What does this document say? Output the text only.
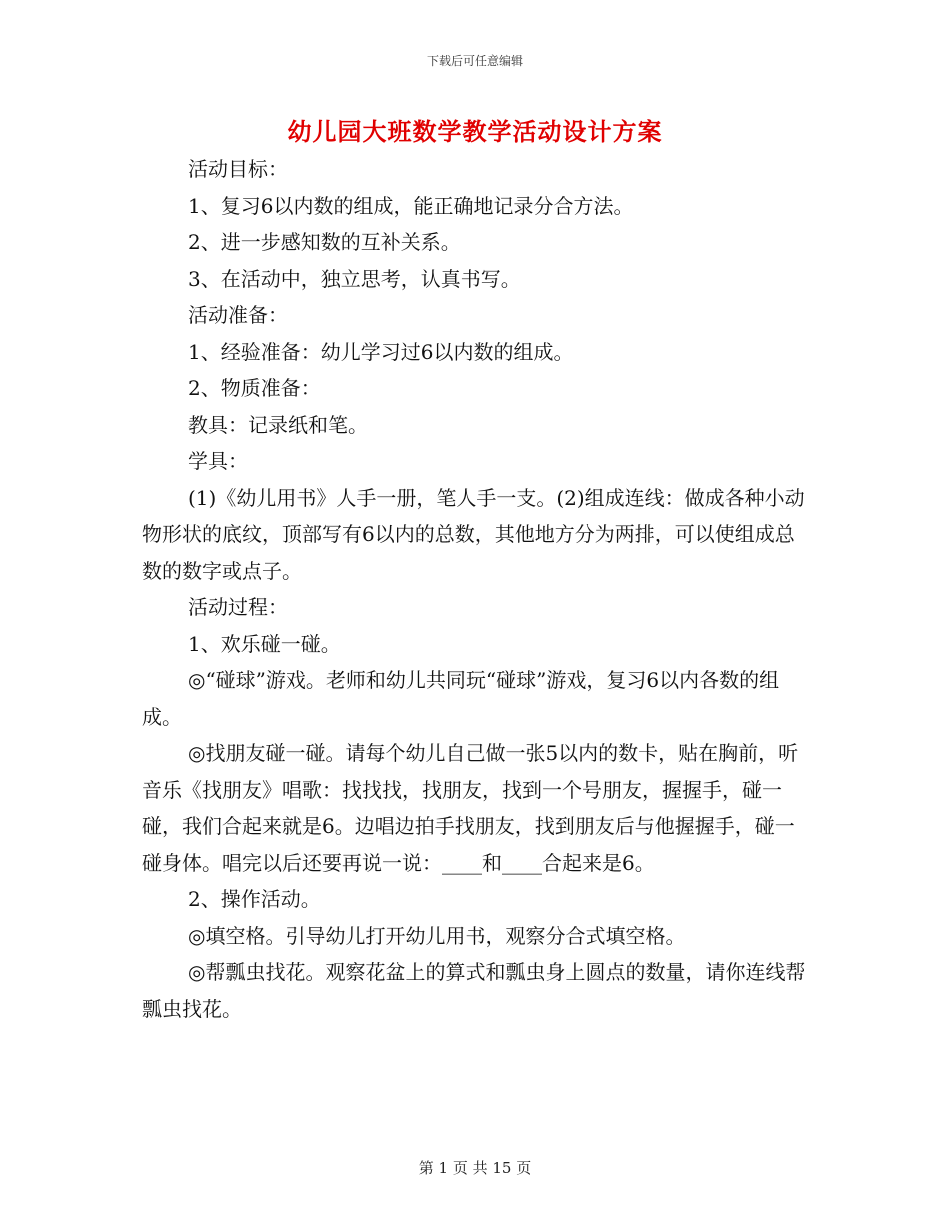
下载后可任意编辑
幼儿园大班数学教学活动设计方案

活动目标：

1、复习6以内数的组成，能正确地记录分合方法。

2、进一步感知数的互补关系。

3、在活动中，独立思考，认真书写。

活动准备：

1、经验准备：幼儿学习过6以内数的组成。

2、物质准备：

教具：记录纸和笔。

学具：

(1)《幼儿用书》人手一册，笔人手一支。(2)组成连线：做成各种小动物形状的底纹，顶部写有6以内的总数，其他地方分为两排，可以使组成总数的数字或点子。

活动过程：

1、欢乐碰一碰。

◎“碰球”游戏。老师和幼儿共同玩“碰球”游戏，复习6以内各数的组成。

◎找朋友碰一碰。请每个幼儿自己做一张5以内的数卡，贴在胸前，听音乐《找朋友》唱歌：找找找，找朋友，找到一个号朋友，握握手，碰一碰，我们合起来就是6。边唱边拍手找朋友，找到朋友后与他握握手，碰一碰身体。唱完以后还要再说一说：____和____合起来是6。

2、操作活动。

◎填空格。引导幼儿打开幼儿用书，观察分合式填空格。

◎帮瓢虫找花。观察花盆上的算式和瓢虫身上圆点的数量，请你连线帮瓢虫找花。

第 1 页 共 15 页
